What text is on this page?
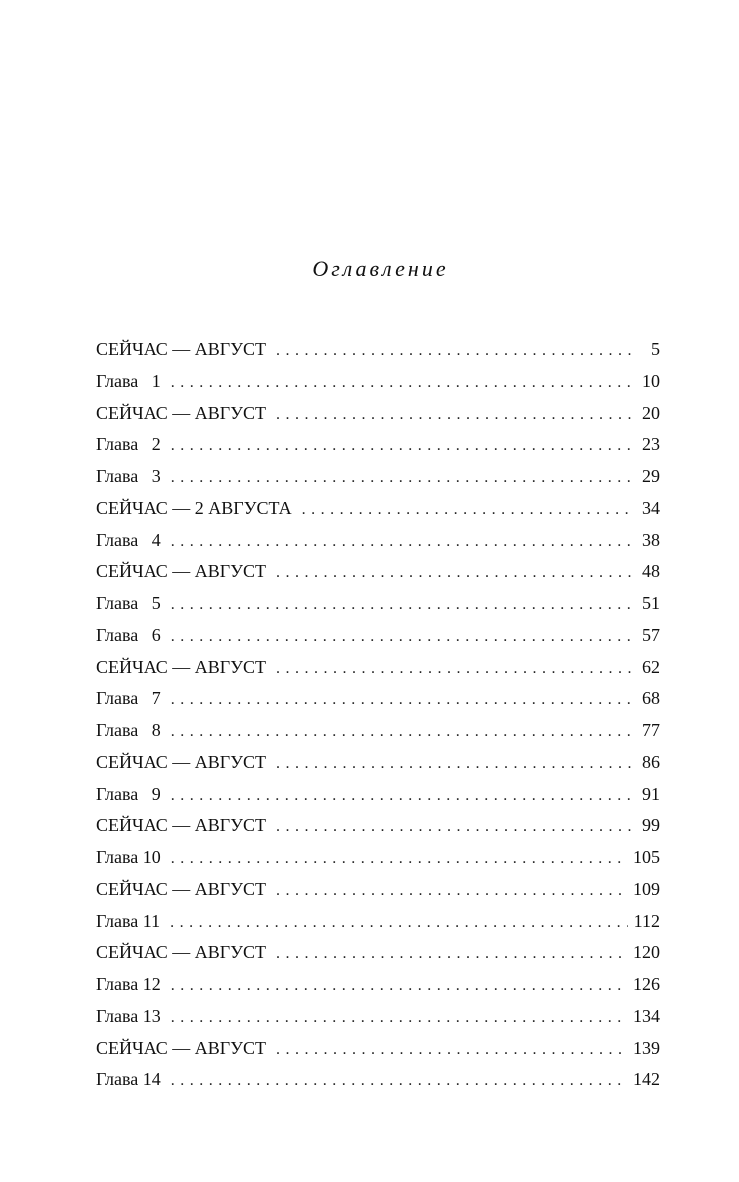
Оглавление
СЕЙЧАС — АВГУСТ . . .	5
Глава   1 . . .	10
СЕЙЧАС — АВГУСТ . . .	20
Глава   2 . . .	23
Глава   3 . . .	29
СЕЙЧАС — 2 АВГУСТА . . .	34
Глава   4 . . .	38
СЕЙЧАС — АВГУСТ . . .	48
Глава   5 . . .	51
Глава   6 . . .	57
СЕЙЧАС — АВГУСТ . . .	62
Глава   7 . . .	68
Глава   8 . . .	77
СЕЙЧАС — АВГУСТ . . .	86
Глава   9 . . .	91
СЕЙЧАС — АВГУСТ . . .	99
Глава 10 . . .	105
СЕЙЧАС — АВГУСТ . . .	109
Глава 11 . . .	112
СЕЙЧАС — АВГУСТ . . .	120
Глава 12 . . .	126
Глава 13 . . .	134
СЕЙЧАС — АВГУСТ . . .	139
Глава 14 . . .	142
